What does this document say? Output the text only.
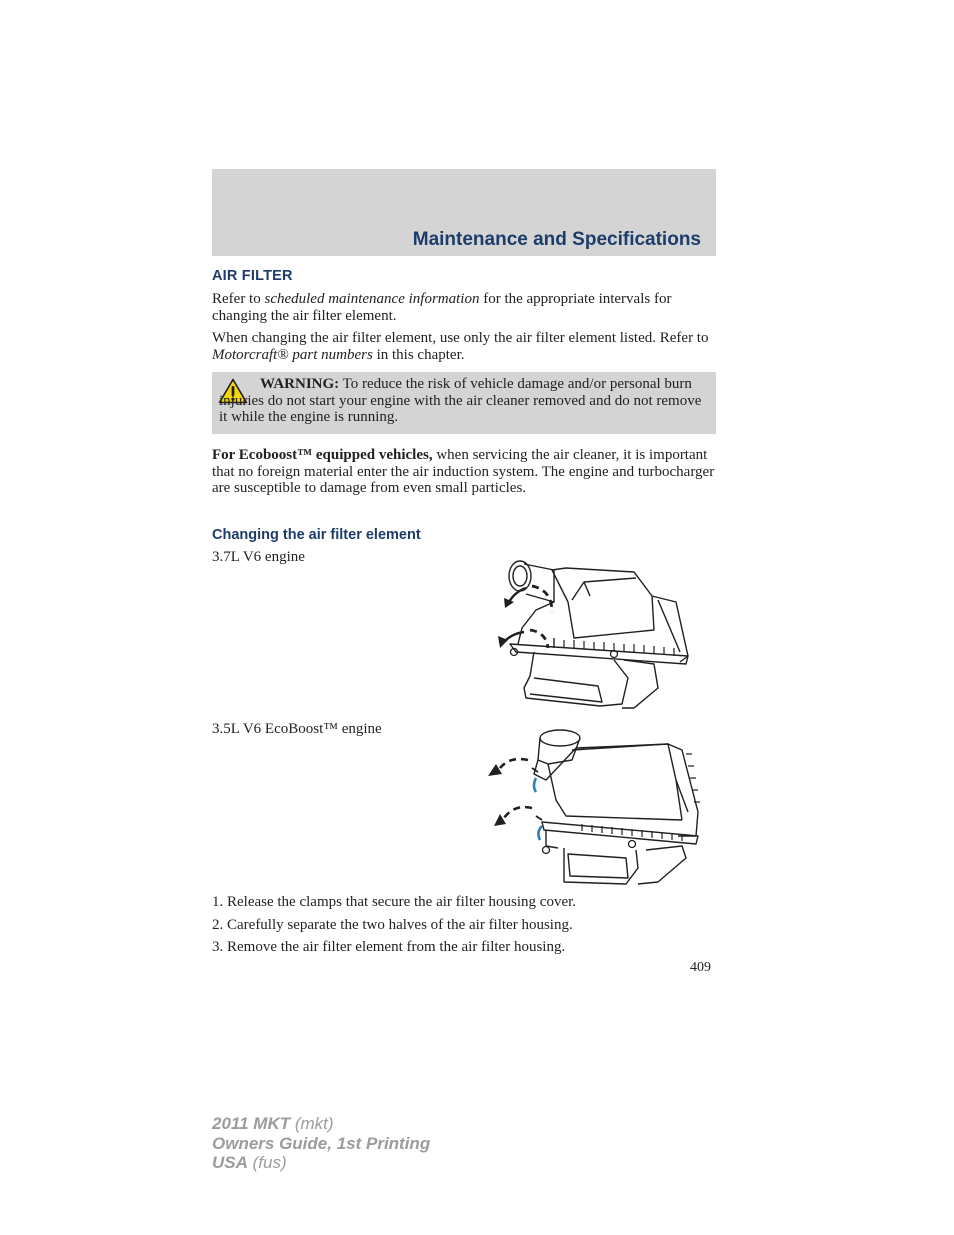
Maintenance and Specifications
AIR FILTER
Refer to scheduled maintenance information for the appropriate intervals for changing the air filter element.
When changing the air filter element, use only the air filter element listed. Refer to Motorcraft® part numbers in this chapter.
WARNING: To reduce the risk of vehicle damage and/or personal burn injuries do not start your engine with the air cleaner removed and do not remove it while the engine is running.
For Ecoboost™ equipped vehicles, when servicing the air cleaner, it is important that no foreign material enter the air induction system. The engine and turbocharger are susceptible to damage from even small particles.
Changing the air filter element
3.7L V6 engine
3.5L V6 EcoBoost™ engine
1. Release the clamps that secure the air filter housing cover.
2. Carefully separate the two halves of the air filter housing.
3. Remove the air filter element from the air filter housing.
409
2011 MKT (mkt)
Owners Guide, 1st Printing
USA (fus)
